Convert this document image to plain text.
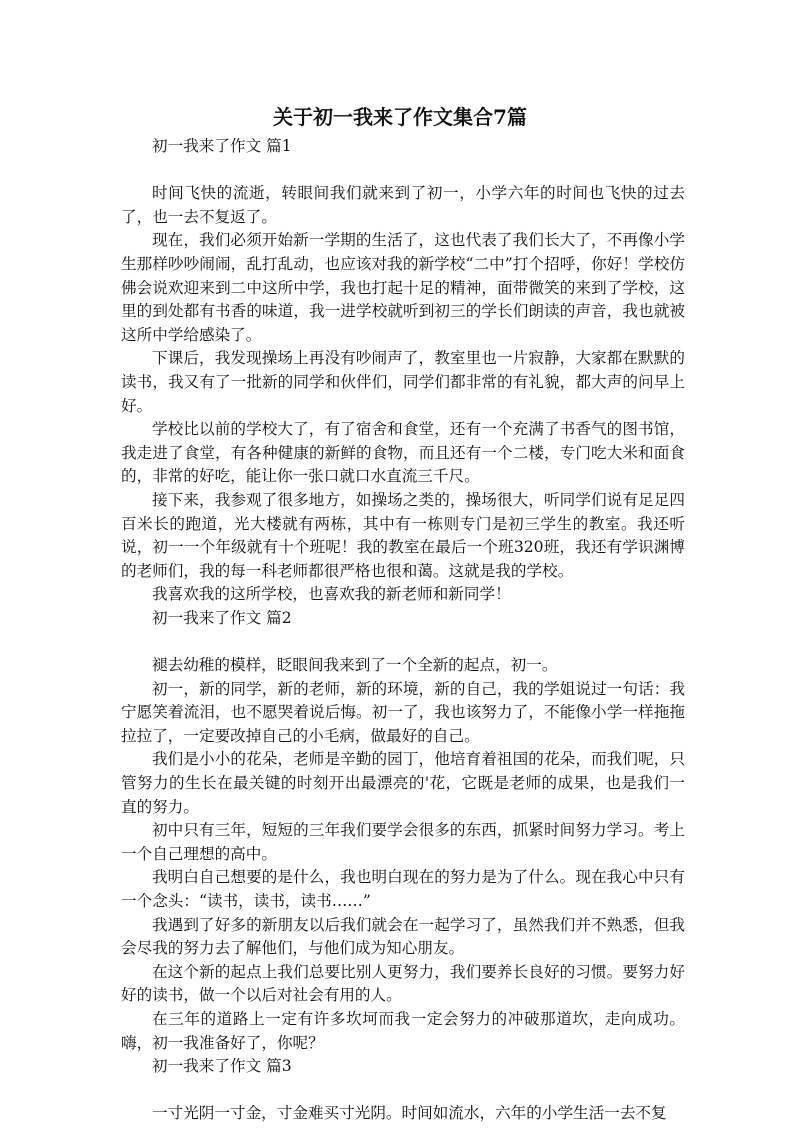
关于初一我来了作文集合7篇
初一我来了作文 篇1
时间飞快的流逝，转眼间我们就来到了初一，小学六年的时间也飞快的过去了，也一去不复返了。
现在，我们必须开始新一学期的生活了，这也代表了我们长大了，不再像小学生那样吵吵闹闹，乱打乱动，也应该对我的新学校“二中”打个招呼，你好！学校仿佛会说欢迎来到二中这所中学，我也打起十足的精神，面带微笑的来到了学校，这里的到处都有书香的味道，我一进学校就听到初三的学长们朗读的声音，我也就被这所中学给感染了。
下课后，我发现操场上再没有吵闹声了，教室里也一片寂静，大家都在默默的读书，我又有了一批新的同学和伙伴们，同学们都非常的有礼貌，都大声的问早上好。
学校比以前的学校大了，有了宿舍和食堂，还有一个充满了书香气的图书馆，我走进了食堂，有各种健康的新鲜的食物，而且还有一个二楼，专门吃大米和面食的，非常的好吃，能让你一张口就口水直流三千尺。
接下来，我参观了很多地方，如操场之类的，操场很大，听同学们说有足足四百米长的跑道，光大楼就有两栋，其中有一栋则专门是初三学生的教室。我还听说，初一一个年级就有十个班呢！我的教室在最后一个班320班，我还有学识渊博的老师们，我的每一科老师都很严格也很和蔼。这就是我的学校。
我喜欢我的这所学校，也喜欢我的新老师和新同学！
初一我来了作文 篇2
褪去幼稚的模样，眨眼间我来到了一个全新的起点，初一。
初一，新的同学，新的老师，新的环境，新的自己，我的学姐说过一句话：我宁愿笑着流泪，也不愿哭着说后悔。初一了，我也该努力了，不能像小学一样拖拖拉拉了，一定要改掉自己的小毛病，做最好的自己。
我们是小小的花朵，老师是辛勤的园丁，他培育着祖国的花朵，而我们呢，只管努力的生长在最关键的时刻开出最漂亮的'花，它既是老师的成果，也是我们一直的努力。
初中只有三年，短短的三年我们要学会很多的东西，抓紧时间努力学习。考上一个自己理想的高中。
我明白自己想要的是什么，我也明白现在的努力是为了什么。现在我心中只有一个念头：“读书，读书，读书……”
我遇到了好多的新朋友以后我们就会在一起学习了，虽然我们并不熟悉，但我会尽我的努力去了解他们，与他们成为知心朋友。
在这个新的起点上我们总要比别人更努力，我们要养长良好的习惯。要努力好好的读书，做一个以后对社会有用的人。
在三年的道路上一定有许多坎坷而我一定会努力的冲破那道坎，走向成功。嗨，初一我准备好了，你呢？
初一我来了作文 篇3
一寸光阴一寸金，寸金难买寸光阴。时间如流水，六年的小学生活一去不复
